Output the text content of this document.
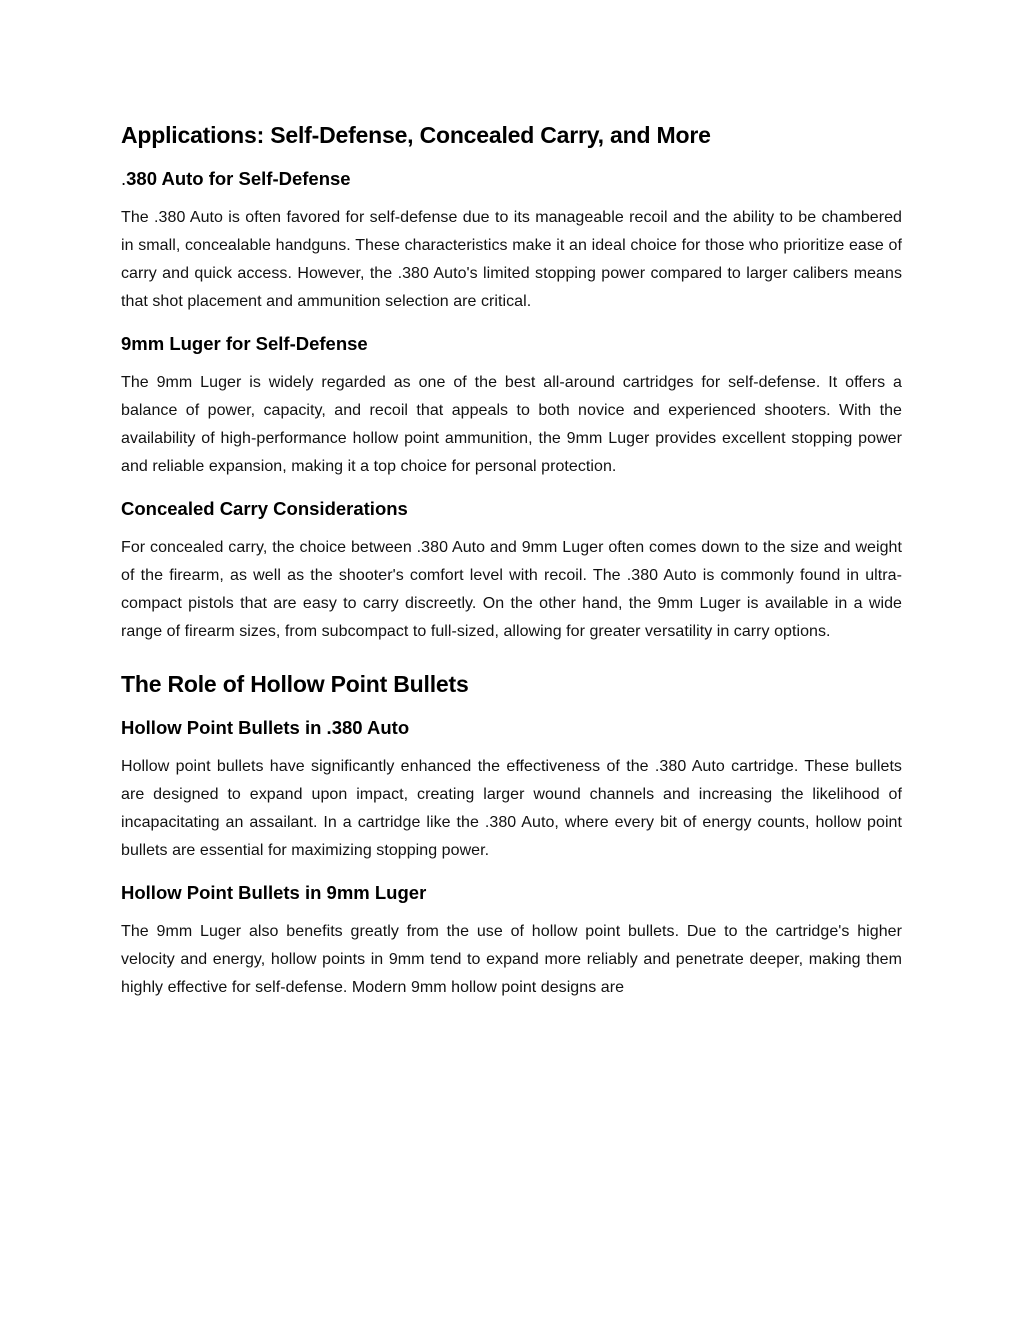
Applications: Self-Defense, Concealed Carry, and More
.380 Auto for Self-Defense

The .380 Auto is often favored for self-defense due to its manageable recoil and the ability to be chambered in small, concealable handguns. These characteristics make it an ideal choice for those who prioritize ease of carry and quick access. However, the .380 Auto's limited stopping power compared to larger calibers means that shot placement and ammunition selection are critical.

9mm Luger for Self-Defense

The 9mm Luger is widely regarded as one of the best all-around cartridges for self-defense. It offers a balance of power, capacity, and recoil that appeals to both novice and experienced shooters. With the availability of high-performance hollow point ammunition, the 9mm Luger provides excellent stopping power and reliable expansion, making it a top choice for personal protection.

Concealed Carry Considerations

For concealed carry, the choice between .380 Auto and 9mm Luger often comes down to the size and weight of the firearm, as well as the shooter's comfort level with recoil. The .380 Auto is commonly found in ultra-compact pistols that are easy to carry discreetly. On the other hand, the 9mm Luger is available in a wide range of firearm sizes, from subcompact to full-sized, allowing for greater versatility in carry options.

The Role of Hollow Point Bullets
Hollow Point Bullets in .380 Auto

Hollow point bullets have significantly enhanced the effectiveness of the .380 Auto cartridge. These bullets are designed to expand upon impact, creating larger wound channels and increasing the likelihood of incapacitating an assailant. In a cartridge like the .380 Auto, where every bit of energy counts, hollow point bullets are essential for maximizing stopping power.

Hollow Point Bullets in 9mm Luger

The 9mm Luger also benefits greatly from the use of hollow point bullets. Due to the cartridge's higher velocity and energy, hollow points in 9mm tend to expand more reliably and penetrate deeper, making them highly effective for self-defense. Modern 9mm hollow point designs are
